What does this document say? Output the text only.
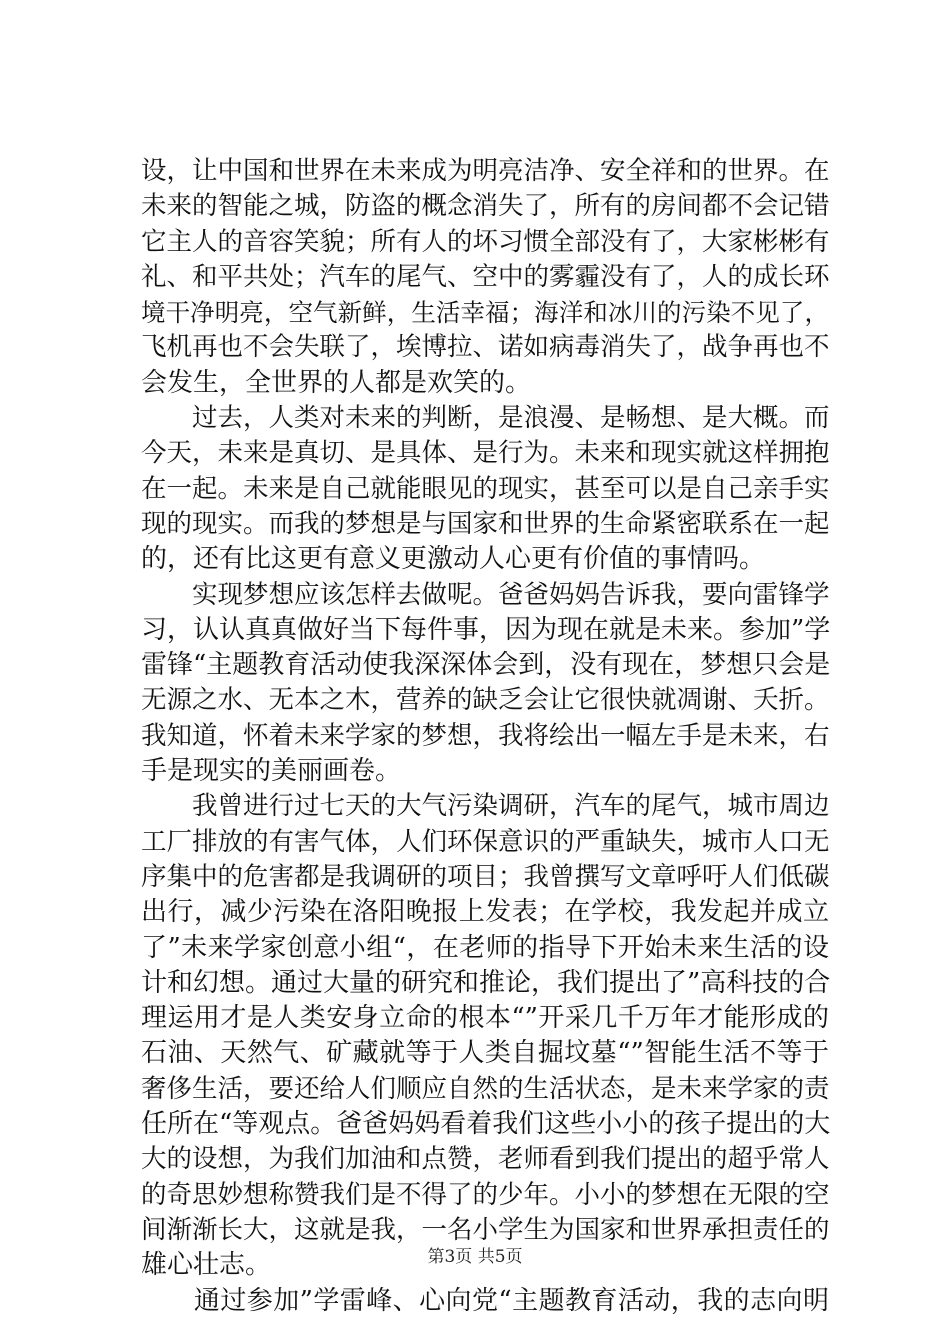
设，让中国和世界在未来成为明亮洁净、安全祥和的世界。在
未来的智能之城，防盗的概念消失了，所有的房间都不会记错
它主人的音容笑貌；所有人的坏习惯全部没有了，大家彬彬有
礼、和平共处；汽车的尾气、空中的雾霾没有了，人的成长环
境干净明亮，空气新鲜，生活幸福；海洋和冰川的污染不见了，
飞机再也不会失联了，埃博拉、诺如病毒消失了，战争再也不
会发生，全世界的人都是欢笑的。
　　过去，人类对未来的判断，是浪漫、是畅想、是大概。而
今天，未来是真切、是具体、是行为。未来和现实就这样拥抱
在一起。未来是自己就能眼见的现实，甚至可以是自己亲手实
现的现实。而我的梦想是与国家和世界的生命紧密联系在一起
的，还有比这更有意义更激动人心更有价值的事情吗。
　　实现梦想应该怎样去做呢。爸爸妈妈告诉我，要向雷锋学
习，认认真真做好当下每件事，因为现在就是未来。参加”学
雷锋“主题教育活动使我深深体会到，没有现在，梦想只会是
无源之水、无本之木，营养的缺乏会让它很快就凋谢、夭折。
我知道，怀着未来学家的梦想，我将绘出一幅左手是未来，右
手是现实的美丽画卷。
　　我曾进行过七天的大气污染调研，汽车的尾气，城市周边
工厂排放的有害气体，人们环保意识的严重缺失，城市人口无
序集中的危害都是我调研的项目；我曾撰写文章呼吁人们低碳
出行，减少污染在洛阳晚报上发表；在学校，我发起并成立
了”未来学家创意小组“，在老师的指导下开始未来生活的设
计和幻想。通过大量的研究和推论，我们提出了”高科技的合
理运用才是人类安身立命的根本“”开采几千万年才能形成的
石油、天然气、矿藏就等于人类自掘坟墓“”智能生活不等于
奢侈生活，要还给人们顺应自然的生活状态，是未来学家的责
任所在“等观点。爸爸妈妈看着我们这些小小的孩子提出的大
大的设想，为我们加油和点赞，老师看到我们提出的超乎常人
的奇思妙想称赞我们是不得了的少年。小小的梦想在无限的空
间渐渐长大，这就是我，一名小学生为国家和世界承担责任的
雄心壮志。
　　通过参加”学雷峰、心向党“主题教育活动，我的志向明
第3页 共5页
